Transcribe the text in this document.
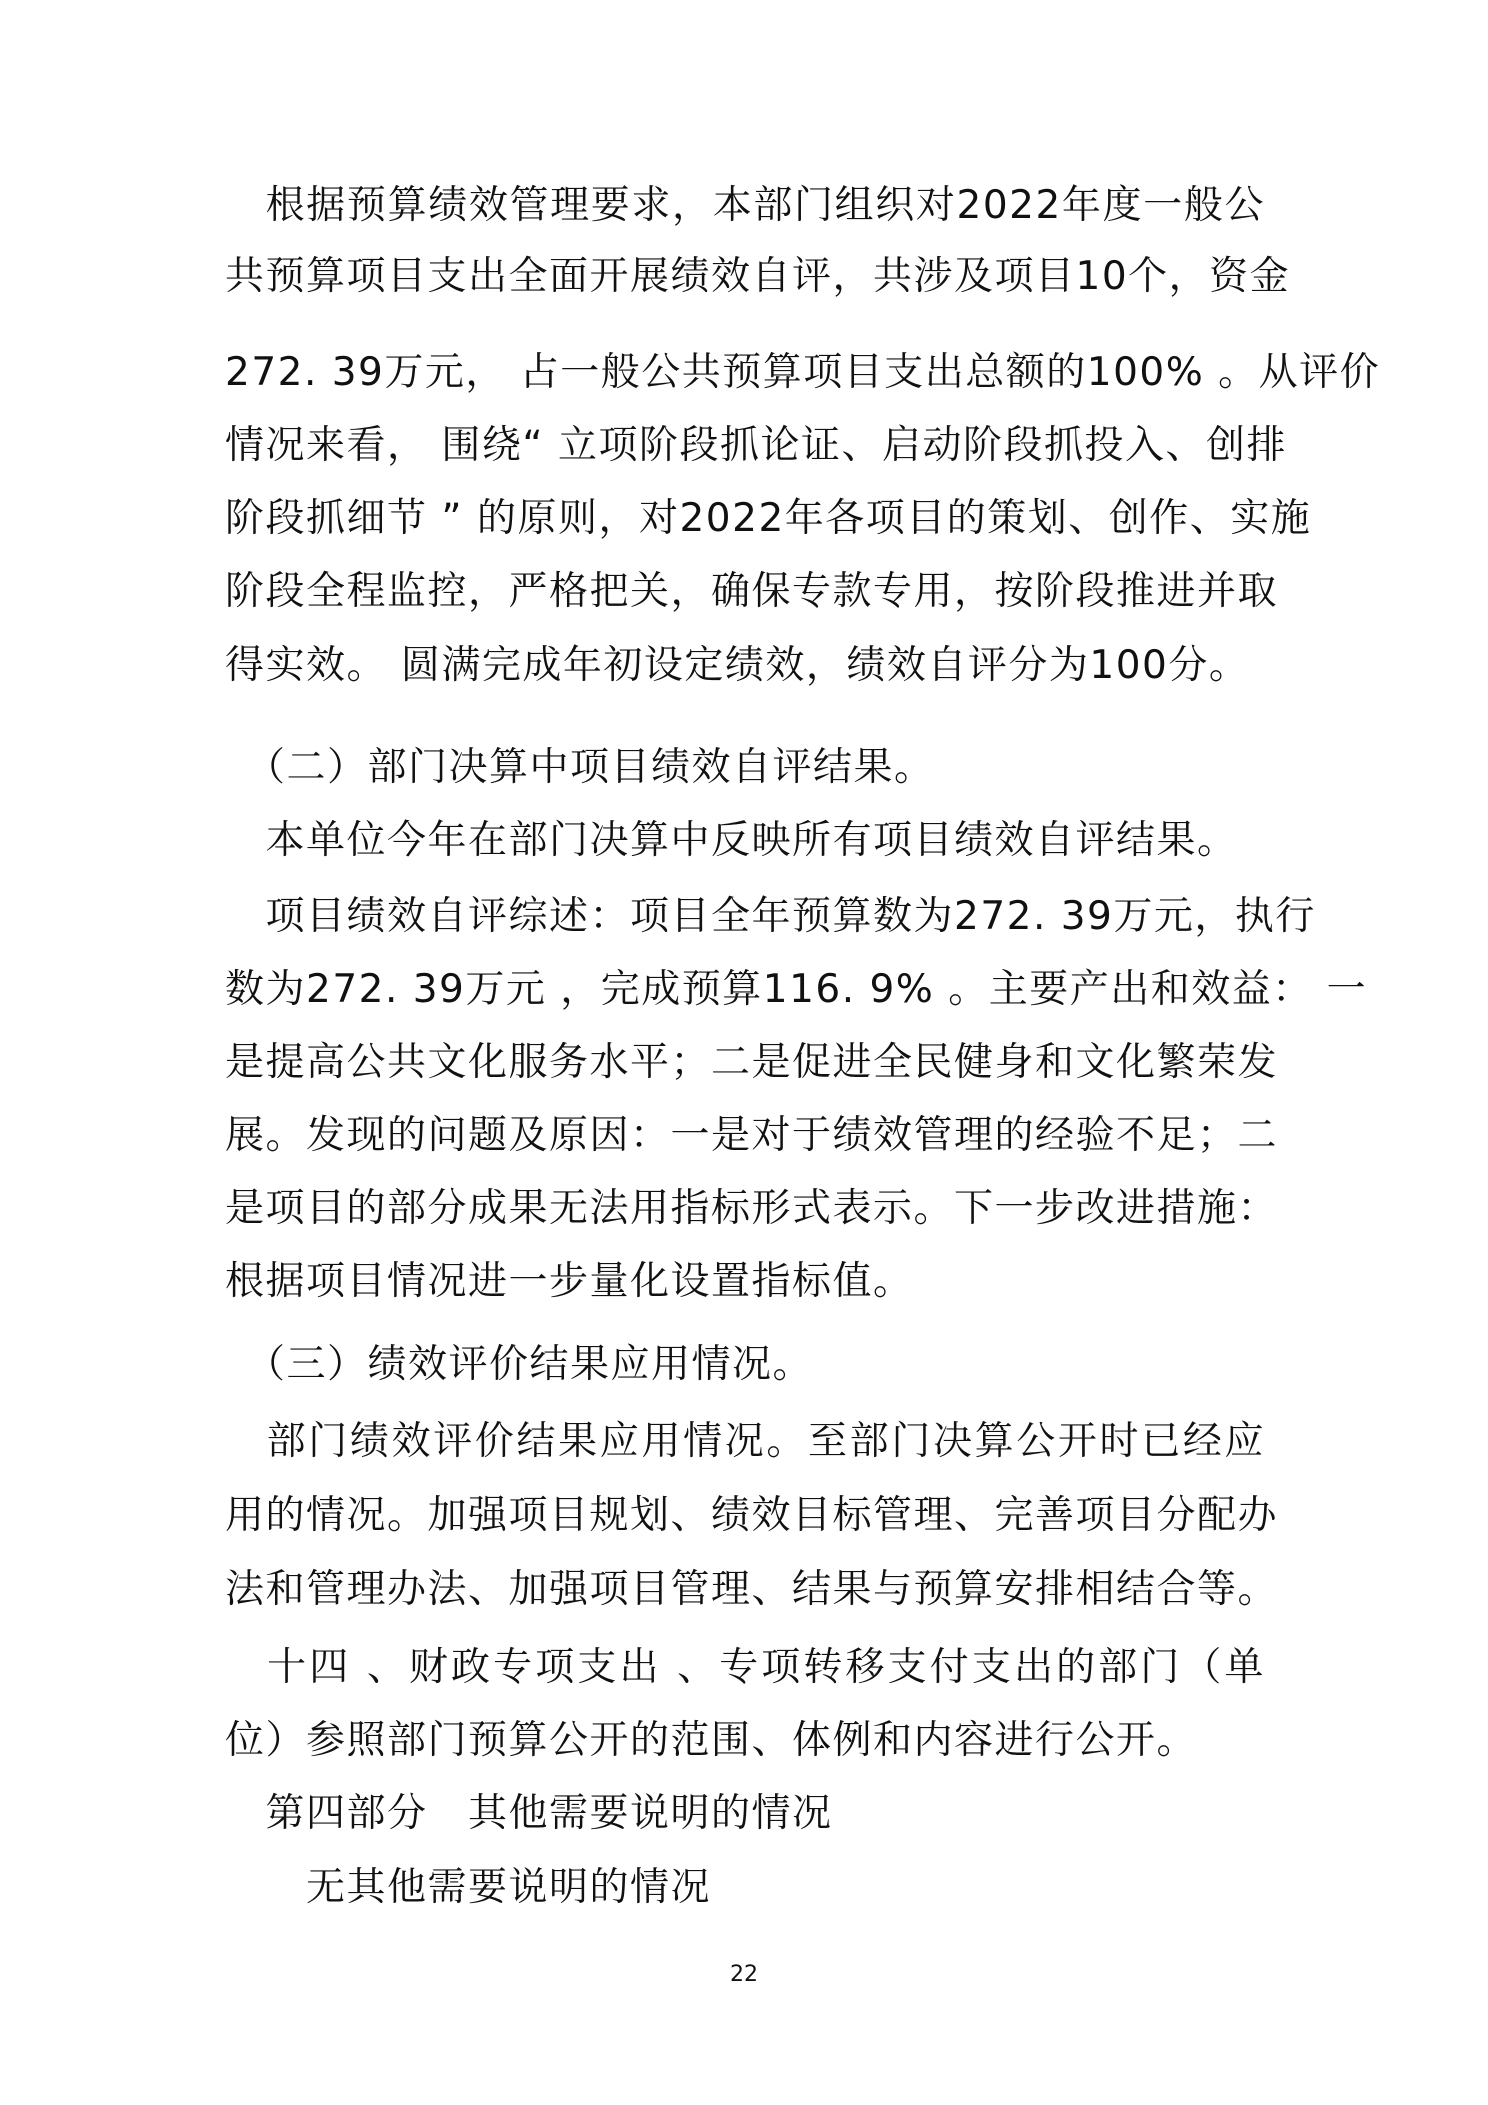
　根据预算绩效管理要求，本部门组织对2022年度一般公
共预算项目支出全面开展绩效自评，共涉及项目10个，资金
272. 39万元， 占一般公共预算项目支出总额的100% 。从评价
情况来看， 围绕“ 立项阶段抓论证、启动阶段抓投入、创排
阶段抓细节 ” 的原则，对2022年各项目的策划、创作、实施
阶段全程监控，严格把关，确保专款专用，按阶段推进并取
得实效。 圆满完成年初设定绩效，绩效自评分为100分。
　（二）部门决算中项目绩效自评结果。
　本单位今年在部门决算中反映所有项目绩效自评结果。
　项目绩效自评综述：项目全年预算数为272. 39万元，执行
数为272. 39万元 ，完成预算116. 9% 。主要产出和效益： 一
是提高公共文化服务水平；二是促进全民健身和文化繁荣发
展。发现的问题及原因：一是对于绩效管理的经验不足；二
是项目的部分成果无法用指标形式表示。下一步改进措施：
根据项目情况进一步量化设置指标值。
　（三）绩效评价结果应用情况。
　部门绩效评价结果应用情况。至部门决算公开时已经应
用的情况。加强项目规划、绩效目标管理、完善项目分配办
法和管理办法、加强项目管理、结果与预算安排相结合等。
　十四 、财政专项支出 、专项转移支付支出的部门（单
位）参照部门预算公开的范围、体例和内容进行公开。
　第四部分　其他需要说明的情况
　　无其他需要说明的情况
22
